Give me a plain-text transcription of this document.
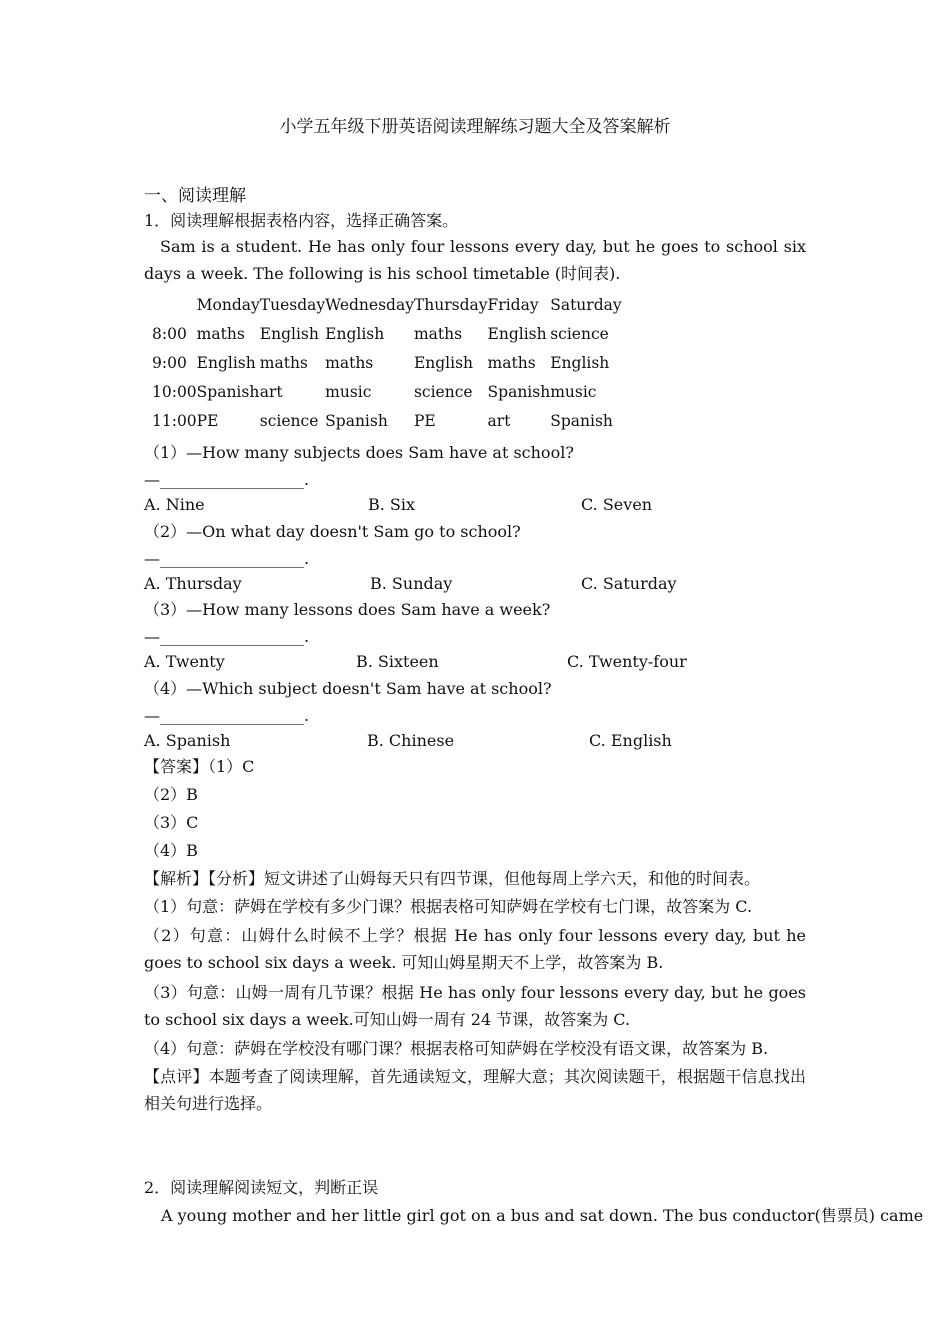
小学五年级下册英语阅读理解练习题大全及答案解析
一、阅读理解
1．阅读理解根据表格内容，选择正确答案。
Sam is a student. He has only four lessons every day, but he goes to school six days a week. The following is his school timetable (时间表).
	Monday	Tuesday	Wednesday	Thursday	Friday	Saturday
8:00	maths	English	English	maths	English	science
9:00	English	maths	maths	English	maths	English
10:00	Spanish	art	music	science	Spanish	music
11:00	PE	science	Spanish	PE	art	Spanish
（1）—How many subjects does Sam have at school?
—__________________.
A. Nine	B. Six	C. Seven
（2）—On what day doesn't Sam go to school?
—__________________.
A. Thursday	B. Sunday	C. Saturday
（3）—How many lessons does Sam have a week?
—__________________.
A. Twenty	B. Sixteen	C. Twenty-four
（4）—Which subject doesn't Sam have at school?
—__________________.
A. Spanish	B. Chinese	C. English
【答案】（1）C
（2）B
（3）C
（4）B
【解析】【分析】短文讲述了山姆每天只有四节课，但他每周上学六天，和他的时间表。
（1）句意：萨姆在学校有多少门课？根据表格可知萨姆在学校有七门课，故答案为 C.
（2）句意：山姆什么时候不上学？根据 He has only four lessons every day, but he goes to school six days a week. 可知山姆星期天不上学，故答案为 B.
（3）句意：山姆一周有几节课？根据 He has only four lessons every day, but he goes to school six days a week.可知山姆一周有 24 节课，故答案为 C.
（4）句意：萨姆在学校没有哪门课？根据表格可知萨姆在学校没有语文课，故答案为 B.
【点评】本题考查了阅读理解，首先通读短文，理解大意；其次阅读题干，根据题干信息找出相关句进行选择。
2．阅读理解阅读短文，判断正误
A young mother and her little girl got on a bus and sat down. The bus conductor(售票员) came
